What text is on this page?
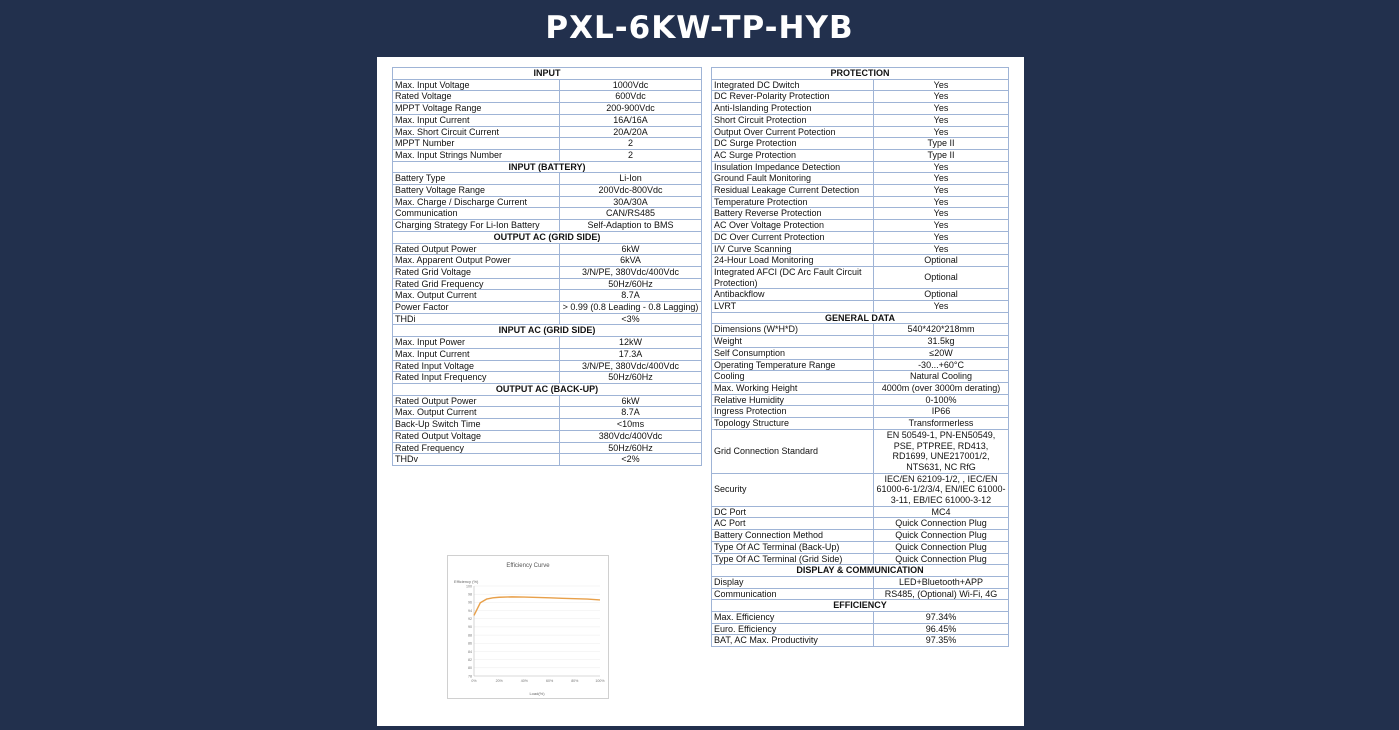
PXL-6KW-TP-HYB
INPUT	
Max. Input Voltage	1000Vdc
Rated Voltage	600Vdc
MPPT Voltage Range	200-900Vdc
Max. Input Current	16A/16A
Max. Short Circuit Current	20A/20A
MPPT Number	2
Max. Input Strings Number	2
INPUT (BATTERY)	
Battery Type	Li-Ion
Battery Voltage Range	200Vdc-800Vdc
Max. Charge / Discharge Current	30A/30A
Communication	CAN/RS485
Charging Strategy For Li-Ion Battery	Self-Adaption to BMS
OUTPUT AC (GRID SIDE)	
Rated Output Power	6kW
Max. Apparent Output Power	6kVA
Rated Grid Voltage	3/N/PE, 380Vdc/400Vdc
Rated Grid Frequency	50Hz/60Hz
Max. Output Current	8.7A
Power Factor	> 0.99 (0.8 Leading - 0.8 Lagging)
THDi	<3%
INPUT AC (GRID SIDE)	
Max. Input Power	12kW
Max. Input Current	17.3A
Rated Input Voltage	3/N/PE, 380Vdc/400Vdc
Rated Input Frequency	50Hz/60Hz
OUTPUT AC (BACK-UP)	
Rated Output Power	6kW
Max. Output Current	8.7A
Back-Up Switch Time	<10ms
Rated Output Voltage	380Vdc/400Vdc
Rated Frequency	50Hz/60Hz
THDv	<2%
PROTECTION	
Integrated DC Dwitch	Yes
DC Rever-Polarity Protection	Yes
Anti-Islanding Protection	Yes
Short Circuit Protection	Yes
Output Over Current Potection	Yes
DC Surge Protection	Type II
AC Surge Protection	Type II
Insulation Impedance Detection	Yes
Ground Fault Monitoring	Yes
Residual Leakage Current Detection	Yes
Temperature Protection	Yes
Battery Reverse Protection	Yes
AC Over Voltage Protection	Yes
DC Over Current Protection	Yes
I/V Curve Scanning	Yes
24-Hour Load Monitoring	Optional
Integrated AFCI (DC Arc Fault Circuit Protection)	Optional
Antibackflow	Optional
LVRT	Yes
GENERAL DATA	
Dimensions (W*H*D)	540*420*218mm
Weight	31.5kg
Self Consumption	≤20W
Operating Temperature Range	-30...+60°C
Cooling	Natural Cooling
Max. Working Height	4000m (over 3000m derating)
Relative Humidity	0-100%
Ingress Protection	IP66
Topology Structure	Transformerless
Grid Connection Standard	EN 50549-1, PN-EN50549, PSE, PTPREE, RD413, RD1699, UNE217001/2, NTS631, NC RfG
Security	IEC/EN 62109-1/2, , IEC/EN 61000-6-1/2/3/4, EN/IEC 61000-3-11, EB/IEC 61000-3-12
DC Port	MC4
AC Port	Quick Connection Plug
Battery Connection Method	Quick Connection Plug
Type Of AC Terminal (Back-Up)	Quick Connection Plug
Type Of AC Terminal (Grid Side)	Quick Connection Plug
DISPLAY & COMMUNICATION	
Display	LED+Bluetooth+APP
Communication	RS485, (Optional) Wi-Fi, 4G
EFFICIENCY	
Max. Efficiency	97.34%
Euro. Efficiency	96.45%
BAT, AC Max. Productivity	97.35%
Efficiency Curve
Efficiency (%)
Load(%)
100
98
96
94
92
90
88
86
84
82
80
78
0%	20%	40%	60%	80%	100%
